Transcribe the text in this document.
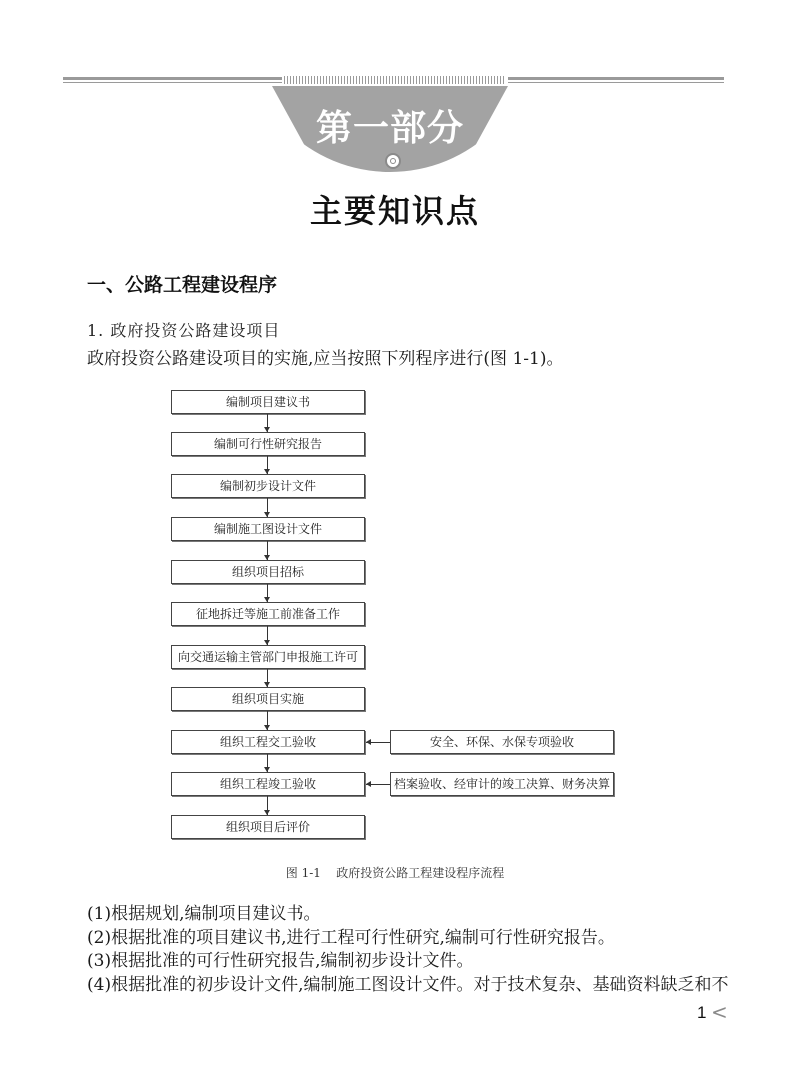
第一部分
主要知识点
一、公路工程建设程序
1. 政府投资公路建设项目
政府投资公路建设项目的实施,应当按照下列程序进行(图 1-1)。
编制项目建议书
编制可行性研究报告
编制初步设计文件
编制施工图设计文件
组织项目招标
征地拆迁等施工前准备工作
向交通运输主管部门申报施工许可
组织项目实施
组织工程交工验收	安全、环保、水保专项验收
组织工程竣工验收	档案验收、经审计的竣工决算、财务决算
组织项目后评价
图 1-1    政府投资公路工程建设程序流程
(1)根据规划,编制项目建议书。
(2)根据批准的项目建议书,进行工程可行性研究,编制可行性研究报告。
(3)根据批准的可行性研究报告,编制初步设计文件。
(4)根据批准的初步设计文件,编制施工图设计文件。对于技术复杂、基础资料缺乏和不
1 <
